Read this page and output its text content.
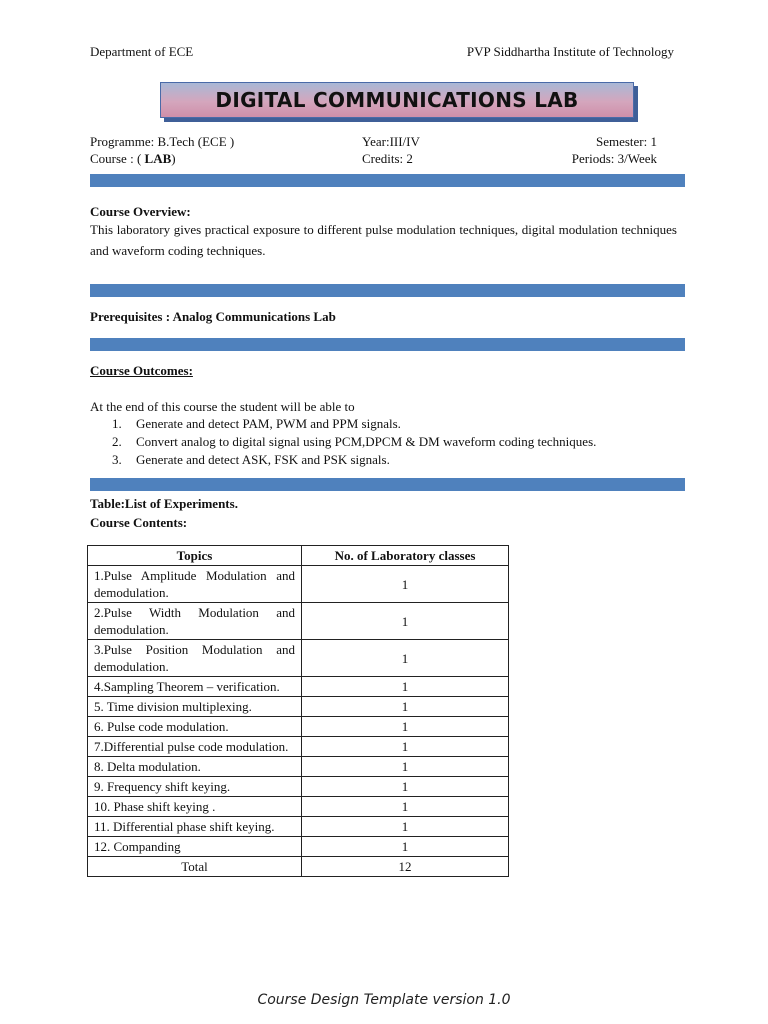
Department of ECE	PVP Siddhartha Institute of Technology
DIGITAL COMMUNICATIONS LAB
Programme: B.Tech (ECE )	Year:III/IV	Semester: 1
Course : ( LAB)	Credits: 2	Periods: 3/Week
Course Overview:
This laboratory gives practical exposure to different pulse modulation techniques, digital modulation techniques and waveform coding techniques.
Prerequisites : Analog Communications Lab
Course Outcomes:
At the end of this course the student will be able to
1. Generate and detect PAM, PWM and PPM signals.
2. Convert analog to digital signal using PCM,DPCM & DM waveform coding techniques.
3. Generate and detect ASK, FSK and PSK signals.
Table:List of Experiments.
Course Contents:
Topics	No. of Laboratory classes
1.Pulse Amplitude Modulation and demodulation.	1
2.Pulse Width Modulation and demodulation.	1
3.Pulse Position Modulation and demodulation.	1
4.Sampling Theorem – verification.	1
5. Time division multiplexing.	1
6. Pulse code modulation.	1
7.Differential pulse code modulation.	1
8. Delta modulation.	1
9. Frequency shift keying.	1
10. Phase shift keying .	1
11. Differential phase shift keying.	1
12. Companding	1
Total	12
Course Design Template version 1.0
